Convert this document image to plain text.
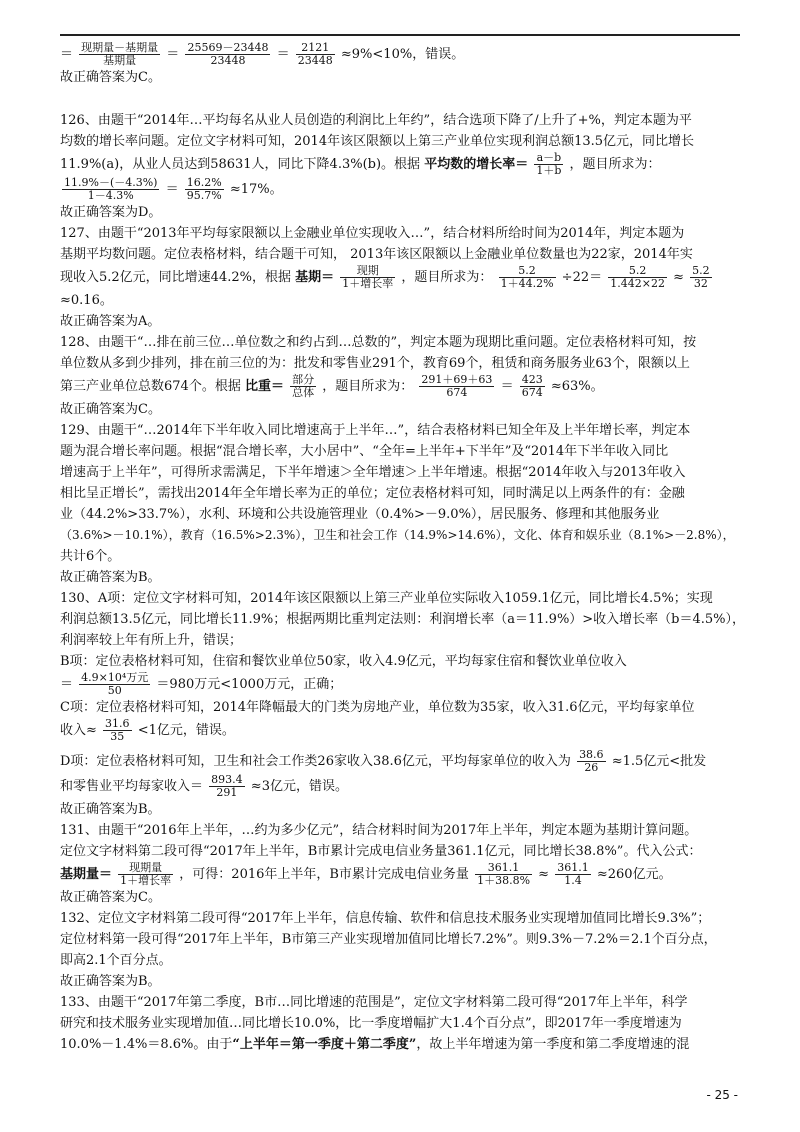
＝ $\frac{\text{现期量－基期量}}{\text{基期量}} = \frac{25569-23448}{23448} = \frac{2121}{23448} \approx 9\%<10\%$，错误。

故正确答案为C。

126、由题干“2014年…平均每名从业人员创造的利润比上年约”，结合选项下降了/上升了+%，判定本题为平

均数的增长率问题。定位文字材料可知，2014年该区限额以上第三产业单位实现利润总额13.5亿元，同比增长

11.9%(a)，从业人员达到58631人，同比下降4.3%(b)。根据 平均数的增长率＝ $\frac{a-b}{1+b}$ ，题目所求为：

$\frac{11.9\%-(-4.3\%)}{1-4.3\%} = \frac{16.2\%}{95.7\%} \approx 17\%$。

故正确答案为D。

127、由题干“2013年平均每家限额以上金融业单位实现收入…”，结合材料所给时间为2014年，判定本题为

基期平均数问题。定位表格材料，结合题干可知， 2013年该区限额以上金融业单位数量也为22家，2014年实

现收入5.2亿元，同比增速44.2%，根据 基期＝ $\frac{\text{现期}}{\text{1＋增长率}}$ ，题目所求为： $\frac{5.2}{1+44.2\%} \div 22= \frac{5.2}{1.442\times 22} \approx \frac{5.2}{32}$
≈0.16。

故正确答案为A。

128、由题干“…排在前三位…单位数之和约占到…总数的”，判定本题为现期比重问题。定位表格材料可知，按

单位数从多到少排列，排在前三位的为：批发和零售业291个，教育69个，租赁和商务服务业63个，限额以上

第三产业单位总数674个。根据 比重＝ $\frac{\text{部分}}{\text{总体}}$ ，题目所求为： $\frac{291+69+63}{674} = \frac{423}{674} \approx 63\%$。

故正确答案为C。

129、由题干“…2014年下半年收入同比增速高于上半年…”，结合表格材料已知全年及上半年增长率，判定本

题为混合增长率问题。根据“混合增长率，大小居中”、“全年=上半年+下半年”及“2014年下半年收入同比

增速高于上半年”，可得所求需满足，下半年增速＞全年增速＞上半年增速。根据“2014年收入与2013年收入

相比呈正增长”，需找出2014年全年增长率为正的单位；定位表格材料可知，同时满足以上两条件的有：金融

业（44.2%>33.7%），水利、环境和公共设施管理业（0.4%>－9.0%），居民服务、修理和其他服务业

（3.6%>－10.1%），教育（16.5%>2.3%），卫生和社会工作（14.9%>14.6%），文化、体育和娱乐业（8.1%>－2.8%），

共计6个。

故正确答案为B。

130、A项：定位文字材料可知，2014年该区限额以上第三产业单位实际收入1059.1亿元，同比增长4.5%；实现

利润总额13.5亿元，同比增长11.9%；根据两期比重判定法则：利润增长率（a＝11.9%）>收入增长率（b＝4.5%），

利润率较上年有所上升，错误；

B项：定位表格材料可知，住宿和餐饮业单位50家，收入4.9亿元，平均每家住宿和餐饮业单位收入

＝ $\frac{\text{4.9×10⁴万元}}{50} =980$万元<1000万元，正确；

C项：定位表格材料可知，2014年降幅最大的门类为房地产业，单位数为35家，收入31.6亿元，平均每家单位

收入≈ $\frac{31.6}{35} <1$亿元，错误。

D项：定位表格材料可知，卫生和社会工作类26家收入38.6亿元，平均每家单位的收入为 $\frac{38.6}{26} \approx 1.5$亿元<批发

和零售业平均每家收入＝ $\frac{893.4}{291} \approx 3$亿元，错误。

故正确答案为B。

131、由题干“2016年上半年，…约为多少亿元”，结合材料时间为2017年上半年，判定本题为基期计算问题。

定位文字材料第二段可得“2017年上半年，B市累计完成电信业务量361.1亿元，同比增长38.8%”。代入公式：

基期量＝ $\frac{\text{现期量}}{\text{1＋增长率}}$ ，可得：2016年上半年，B市累计完成电信业务量 $\frac{361.1}{1+38.8\%} \approx \frac{361.1}{1.4} \approx 260$亿元。

故正确答案为C。

132、定位文字材料第二段可得“2017年上半年，信息传输、软件和信息技术服务业实现增加值同比增长9.3%”；

定位材料第一段可得“2017年上半年，B市第三产业实现增加值同比增长7.2%”。则9.3%－7.2%＝2.1个百分点，

即高2.1个百分点。

故正确答案为B。

133、由题干“2017年第二季度，B市…同比增速的范围是”，定位文字材料第二段可得“2017年上半年，科学

研究和技术服务业实现增加值…同比增长10.0%，比一季度增幅扩大1.4个百分点”，即2017年一季度增速为

10.0%－1.4%＝8.6%。由于“上半年＝第一季度＋第二季度”，故上半年增速为第一季度和第二季度增速的混

- 25 -
